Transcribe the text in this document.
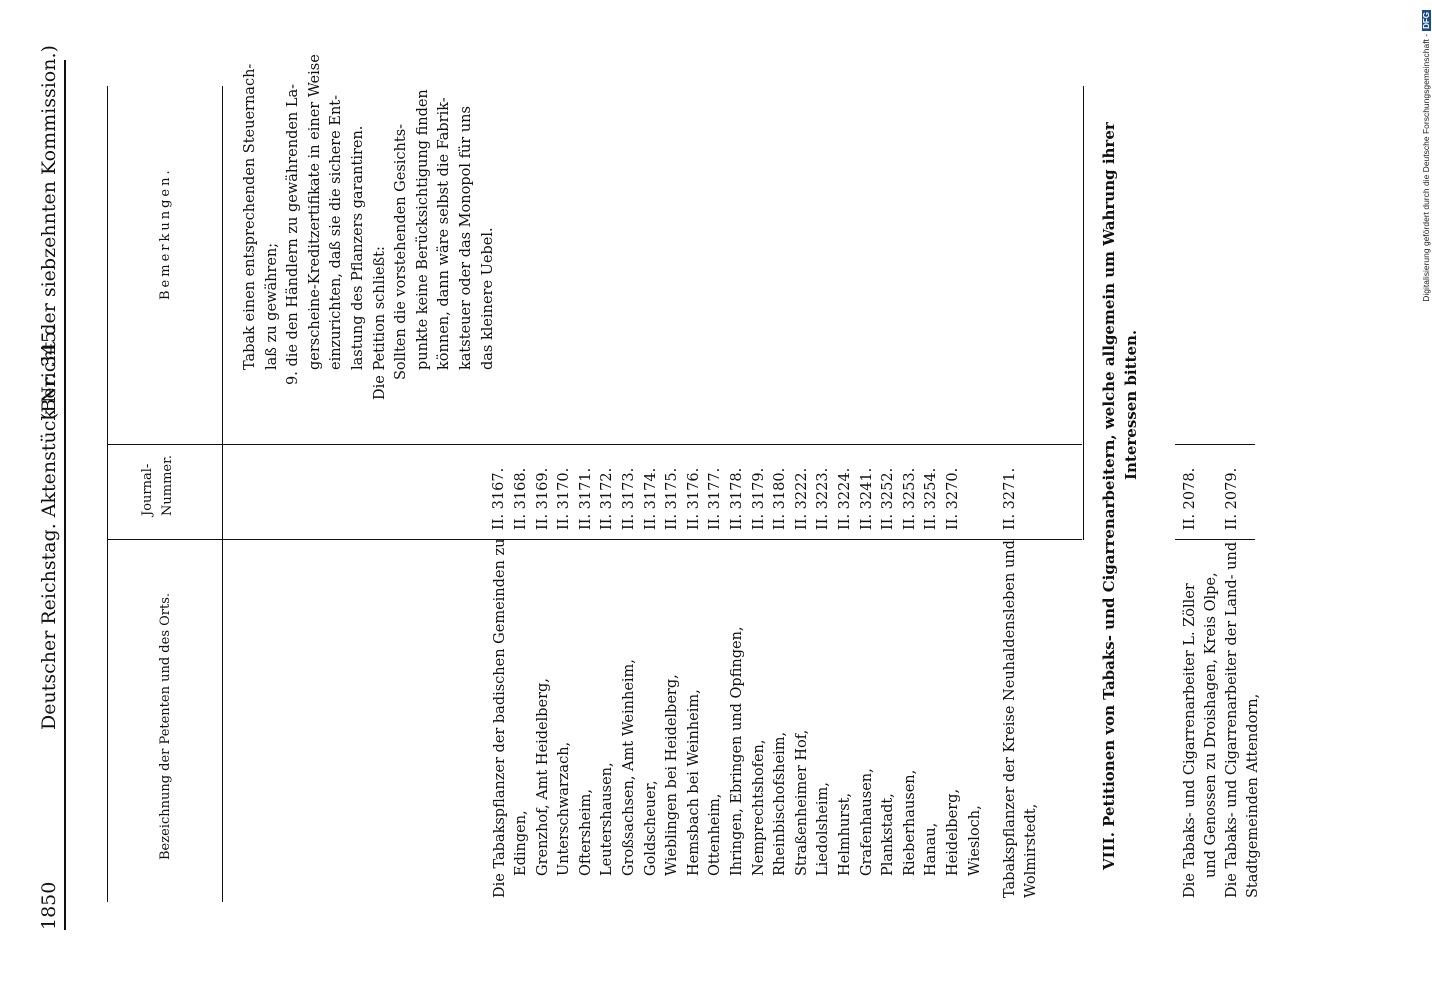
1850
Deutscher Reichstag. Aktenstück Nr. 345.
(Bericht der siebzehnten Kommission.)
Bezeichnung der Petenten und des Orts.
Journal- Nummer.
Bemerkungen.	Tabak einen entsprechenden Steuernach- laß zu gewähren; 9. die den Händlern zu gewährenden La- gerscheine-Kreditzertifikate in einer Weise einzurichten, daß sie die sichere Ent- lastung des Pflanzers garantiren. Die Petition schließt: Sollten die vorstehenden Gesichts- punkte keine Berücksichtigung finden können, dann wäre selbst die Fabrik- katsteuer oder das Monopol für uns das kleinere Uebel.
Die Tabakspflanzer der badischen Gemeinden zu Edingen,
II. 3167.
Grenzhof, Amt Heidelberg,
II. 3168.
Unterschwarzach,
II. 3169.
Oftersheim,
II. 3170.
Leutershausen,
II. 3171.
Großsachsen, Amt Weinheim,
II. 3172.
Goldscheuer,
II. 3173.
Wieblingen bei Heidelberg,
II. 3174.
Hemsbach bei Weinheim,
II. 3175.
Ottenheim,
II. 3176.
Ihringen, Ebringen und Opfingen,
II. 3177.
Nemprechtshofen,
II. 3178.
Rheinbischofsheim,
II. 3179.
Straßenheimer Hof,
II. 3180.
Liedolsheim,
II. 3222.
Helmhurst,
II. 3223.
Grafenhausen,
II. 3224.
Plankstadt,
II. 3241.
Rieberhausen,
II. 3252.
Hanau,
II. 3253.
Heidelberg,
II. 3254.
Wiesloch,
II. 3270.
Tabakspflanzer der Kreise Neuhaldensleben und Wolmirstedt,
II. 3271.	VIII. Petitionen von Tabaks- und Cigarrenarbeitern, welche allgemein um Wahrung ihrer Interessen bitten.
Die Tabaks- und Cigarrenarbeiter L. Zöller und Genossen zu Droishagen, Kreis Olpe,
II. 2078.
Die Tabaks- und Cigarrenarbeiter der Land- und Stadtgemeinden Attendorn,
II. 2079.
Digitalisierung gefördert durch die Deutsche Forschungsgemeinschaft -
DFG
